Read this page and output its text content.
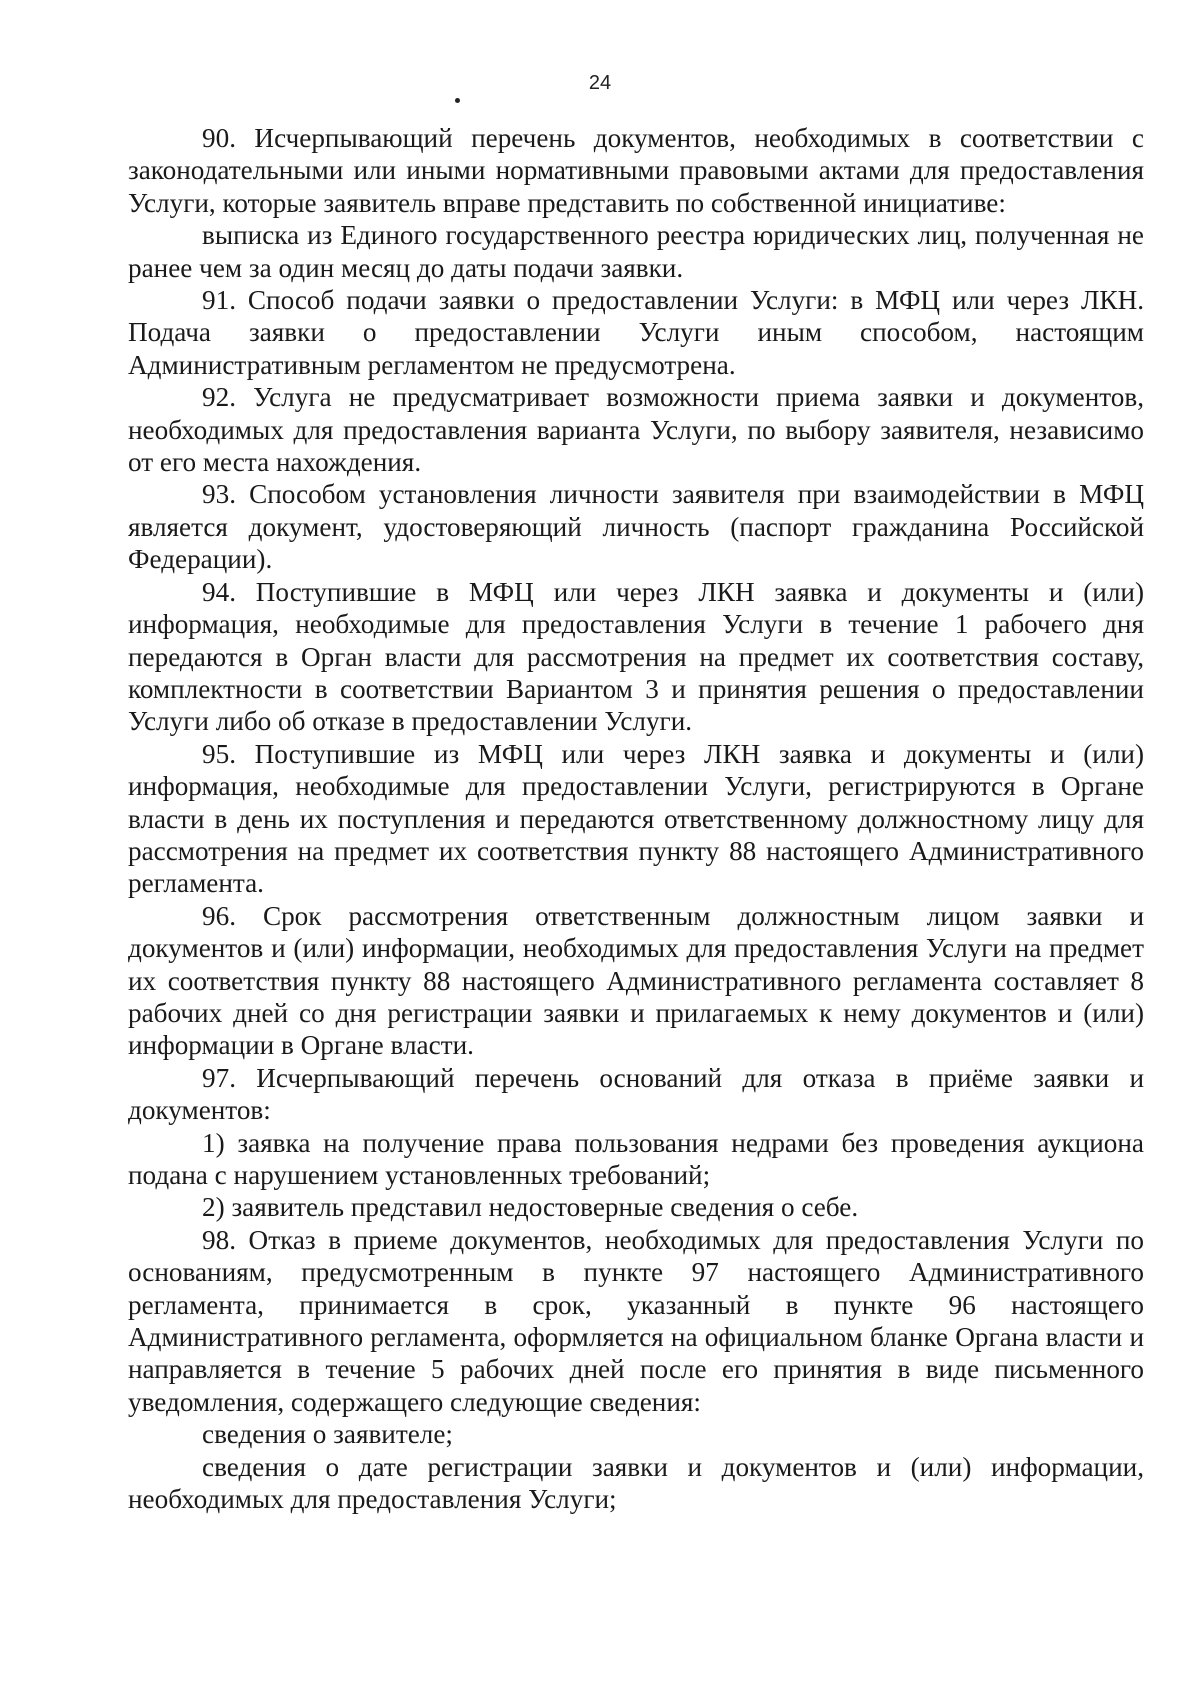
24

90. Исчерпывающий перечень документов, необходимых в соответствии с законодательными или иными нормативными правовыми актами для предоставления Услуги, которые заявитель вправе представить по собственной инициативе:

выписка из Единого государственного реестра юридических лиц, полученная не ранее чем за один месяц до даты подачи заявки.

91. Способ подачи заявки о предоставлении Услуги: в МФЦ или через ЛКН. Подача заявки о предоставлении Услуги иным способом, настоящим Административным регламентом не предусмотрена.

92. Услуга не предусматривает возможности приема заявки и документов, необходимых для предоставления варианта Услуги, по выбору заявителя, независимо от его места нахождения.

93. Способом установления личности заявителя при взаимодействии в МФЦ является документ, удостоверяющий личность (паспорт гражданина Российской Федерации).

94. Поступившие в МФЦ или через ЛКН заявка и документы и (или) информация, необходимые для предоставления Услуги в течение 1 рабочего дня передаются в Орган власти для рассмотрения на предмет их соответствия составу, комплектности в соответствии Вариантом 3 и принятия решения о предоставлении Услуги либо об отказе в предоставлении Услуги.

95. Поступившие из МФЦ или через ЛКН заявка и документы и (или) информация, необходимые для предоставлении Услуги, регистрируются в Органе власти в день их поступления и передаются ответственному должностному лицу для рассмотрения на предмет их соответствия пункту 88 настоящего Административного регламента.

96. Срок рассмотрения ответственным должностным лицом заявки и документов и (или) информации, необходимых для предоставления Услуги на предмет их соответствия пункту 88 настоящего Административного регламента составляет 8 рабочих дней со дня регистрации заявки и прилагаемых к нему документов и (или) информации в Органе власти.

97. Исчерпывающий перечень оснований для отказа в приёме заявки и документов:

1) заявка на получение права пользования недрами без проведения аукциона подана с нарушением установленных требований;

2) заявитель представил недостоверные сведения о себе.

98. Отказ в приеме документов, необходимых для предоставления Услуги по основаниям, предусмотренным в пункте 97 настоящего Административного регламента, принимается в срок, указанный в пункте 96 настоящего Административного регламента, оформляется на официальном бланке Органа власти и направляется в течение 5 рабочих дней после его принятия в виде письменного уведомления, содержащего следующие сведения:

сведения о заявителе;

сведения о дате регистрации заявки и документов и (или) информации, необходимых для предоставления Услуги;
